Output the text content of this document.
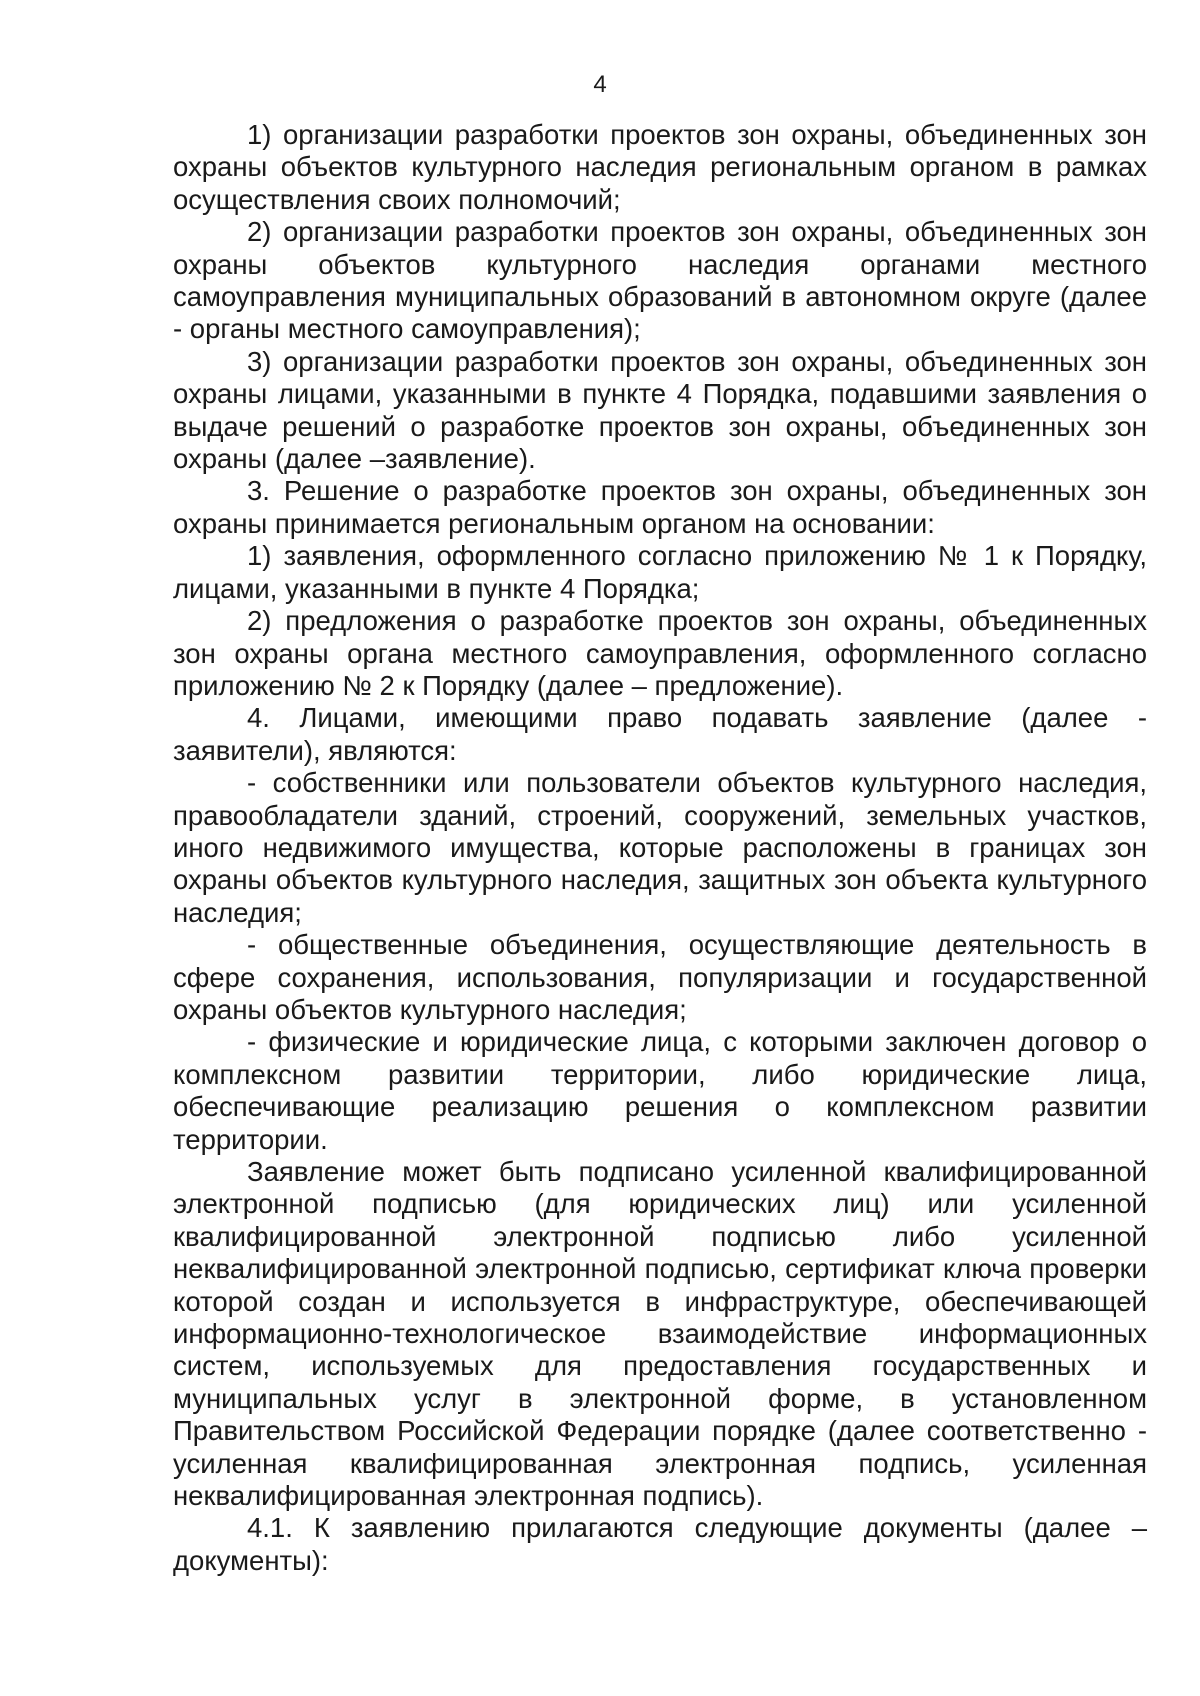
4

1) организации разработки проектов зон охраны, объединенных зон охраны объектов культурного наследия региональным органом в рамках осуществления своих полномочий;

2) организации разработки проектов зон охраны, объединенных зон охраны объектов культурного наследия органами местного самоуправления муниципальных образований в автономном округе (далее - органы местного самоуправления);

3) организации разработки проектов зон охраны, объединенных зон охраны лицами, указанными в пункте 4 Порядка, подавшими заявления о выдаче решений о разработке проектов зон охраны, объединенных зон охраны (далее –заявление).

3. Решение о разработке проектов зон охраны, объединенных зон охраны принимается региональным органом на основании:

1) заявления, оформленного согласно приложению № 1 к Порядку, лицами, указанными в пункте 4 Порядка;

2) предложения о разработке проектов зон охраны, объединенных зон охраны органа местного самоуправления, оформленного согласно приложению № 2 к Порядку (далее – предложение).

4. Лицами, имеющими право подавать заявление (далее - заявители), являются:

- собственники или пользователи объектов культурного наследия, правообладатели зданий, строений, сооружений, земельных участков, иного недвижимого имущества, которые расположены в границах зон охраны объектов культурного наследия, защитных зон объекта культурного наследия;

- общественные объединения, осуществляющие деятельность в сфере сохранения, использования, популяризации и государственной охраны объектов культурного наследия;

- физические и юридические лица, с которыми заключен договор о комплексном развитии территории, либо юридические лица, обеспечивающие реализацию решения о комплексном развитии территории.

Заявление может быть подписано усиленной квалифицированной электронной подписью (для юридических лиц) или усиленной квалифицированной электронной подписью либо усиленной неквалифицированной электронной подписью, сертификат ключа проверки которой создан и используется в инфраструктуре, обеспечивающей информационно-технологическое взаимодействие информационных систем, используемых для предоставления государственных и муниципальных услуг в электронной форме, в установленном Правительством Российской Федерации порядке (далее соответственно - усиленная квалифицированная электронная подпись, усиленная неквалифицированная электронная подпись).

4.1. К заявлению прилагаются следующие документы (далее – документы):
